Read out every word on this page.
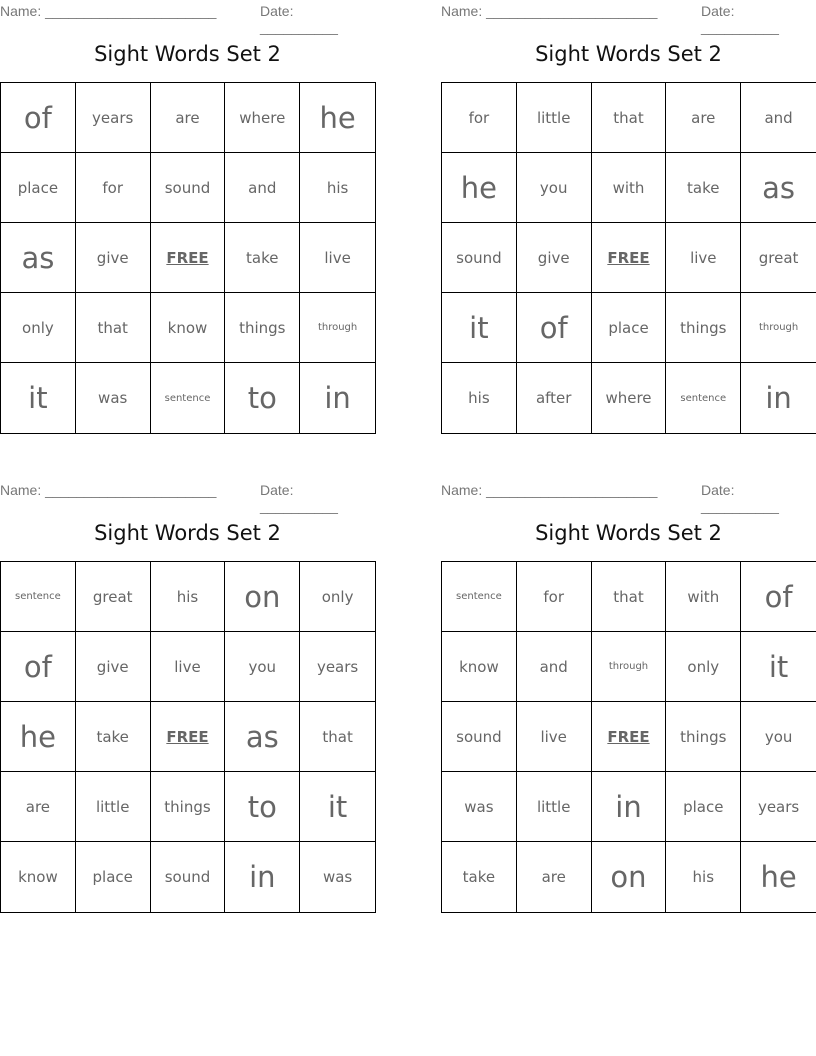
Name: ______________________	Date: __________
Sight Words Set 2
of	years	are	where	he
place	for	sound	and	his
as	give	FREE	take	live
only	that	know	things	through
it	was	sentence	to	in
Name: ______________________	Date: __________
Sight Words Set 2
for	little	that	are	and
he	you	with	take	as
sound	give	FREE	live	great
it	of	place	things	through
his	after	where	sentence	in
Name: ______________________	Date: __________
Sight Words Set 2
sentence	great	his	on	only
of	give	live	you	years
he	take	FREE	as	that
are	little	things	to	it
know	place	sound	in	was
Name: ______________________	Date: __________
Sight Words Set 2
sentence	for	that	with	of
know	and	through	only	it
sound	live	FREE	things	you
was	little	in	place	years
take	are	on	his	he
